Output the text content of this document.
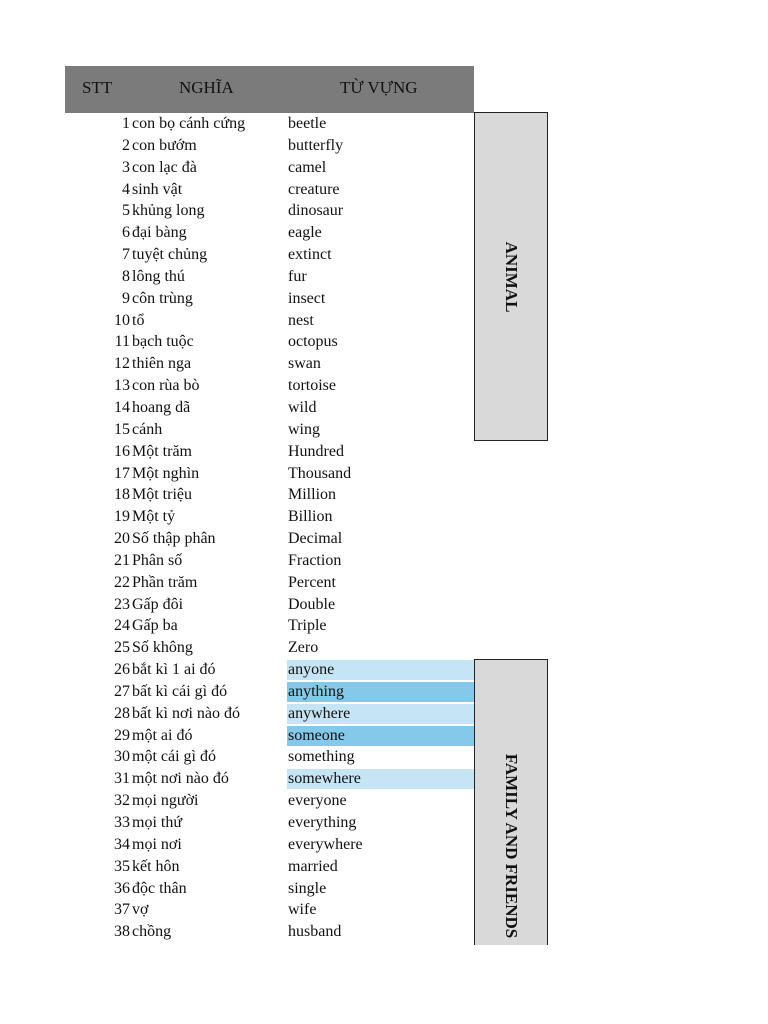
STT	NGHĨA	TỪ VỰNG
1 con bọ cánh cứng	beetle
2 con bướm	butterfly
3 con lạc đà	camel
4 sinh vật	creature
5 khủng long	dinosaur
6 đại bàng	eagle
7 tuyệt chủng	extinct
8 lông thú	fur
9 côn trùng	insect
10 tổ	nest
11 bạch tuộc	octopus
12 thiên nga	swan
13 con rùa bò	tortoise
14 hoang dã	wild
15 cánh	wing
16 Một trăm	Hundred
17 Một nghìn	Thousand
18 Một triệu	Million
19 Một tỷ	Billion
20 Số thập phân	Decimal
21 Phân số	Fraction
22 Phần trăm	Percent
23 Gấp đôi	Double
24 Gấp ba	Triple
25 Số không	Zero
26 bắt kì 1 ai đó	anyone
27 bất kì cái gì đó	anything
28 bất kì nơi nào đó	anywhere
29 một ai đó	someone
30 một cái gì đó	something
31 một nơi nào đó	somewhere
32 mọi người	everyone
33 mọi thứ	everything
34 mọi nơi	everywhere
35 kết hôn	married
36 độc thân	single
37 vợ	wife
38 chồng	husband
ANIMAL
FAMILY AND FRIENDS
